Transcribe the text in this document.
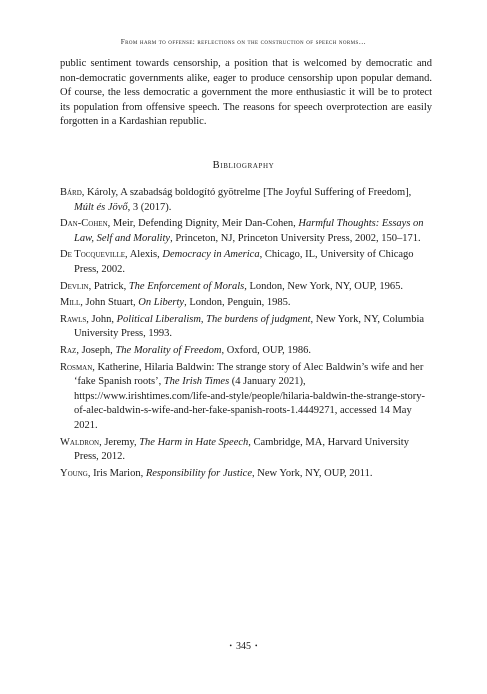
From harm to offense: reflections on the construction of speech norms…

public sentiment towards censorship, a position that is welcomed by democratic and non-democratic governments alike, eager to produce censorship upon popular demand. Of course, the less democratic a government the more enthusiastic it will be to protect its population from offensive speech. The reasons for speech overprotection are easily forgotten in a Kardashian republic.

Bibliography
Bárd, Károly, A szabadság boldogító gyötrelme [The Joyful Suffering of Freedom], Múlt és Jövő, 3 (2017).
Dan-Cohen, Meir, Defending Dignity, Meir Dan-Cohen, Harmful Thoughts: Essays on Law, Self and Morality, Princeton, NJ, Princeton University Press, 2002, 150–171.
De Tocqueville, Alexis, Democracy in America, Chicago, IL, University of Chicago Press, 2002.
Devlin, Patrick, The Enforcement of Morals, London, New York, NY, OUP, 1965.
Mill, John Stuart, On Liberty, London, Penguin, 1985.
Rawls, John, Political Liberalism, The burdens of judgment, New York, NY, Columbia University Press, 1993.
Raz, Joseph, The Morality of Freedom, Oxford, OUP, 1986.
Rosman, Katherine, Hilaria Baldwin: The strange story of Alec Baldwin’s wife and her ‘fake Spanish roots’, The Irish Times (4 January 2021), https://www.irishtimes.com/life-and-style/people/hilaria-baldwin-the-strange-story-of-alec-baldwin-s-wife-and-her-fake-spanish-roots-1.4449271, accessed 14 May 2021.
Waldron, Jeremy, The Harm in Hate Speech, Cambridge, MA, Harvard University Press, 2012.
Young, Iris Marion, Responsibility for Justice, New York, NY, OUP, 2011.
• 345 •
